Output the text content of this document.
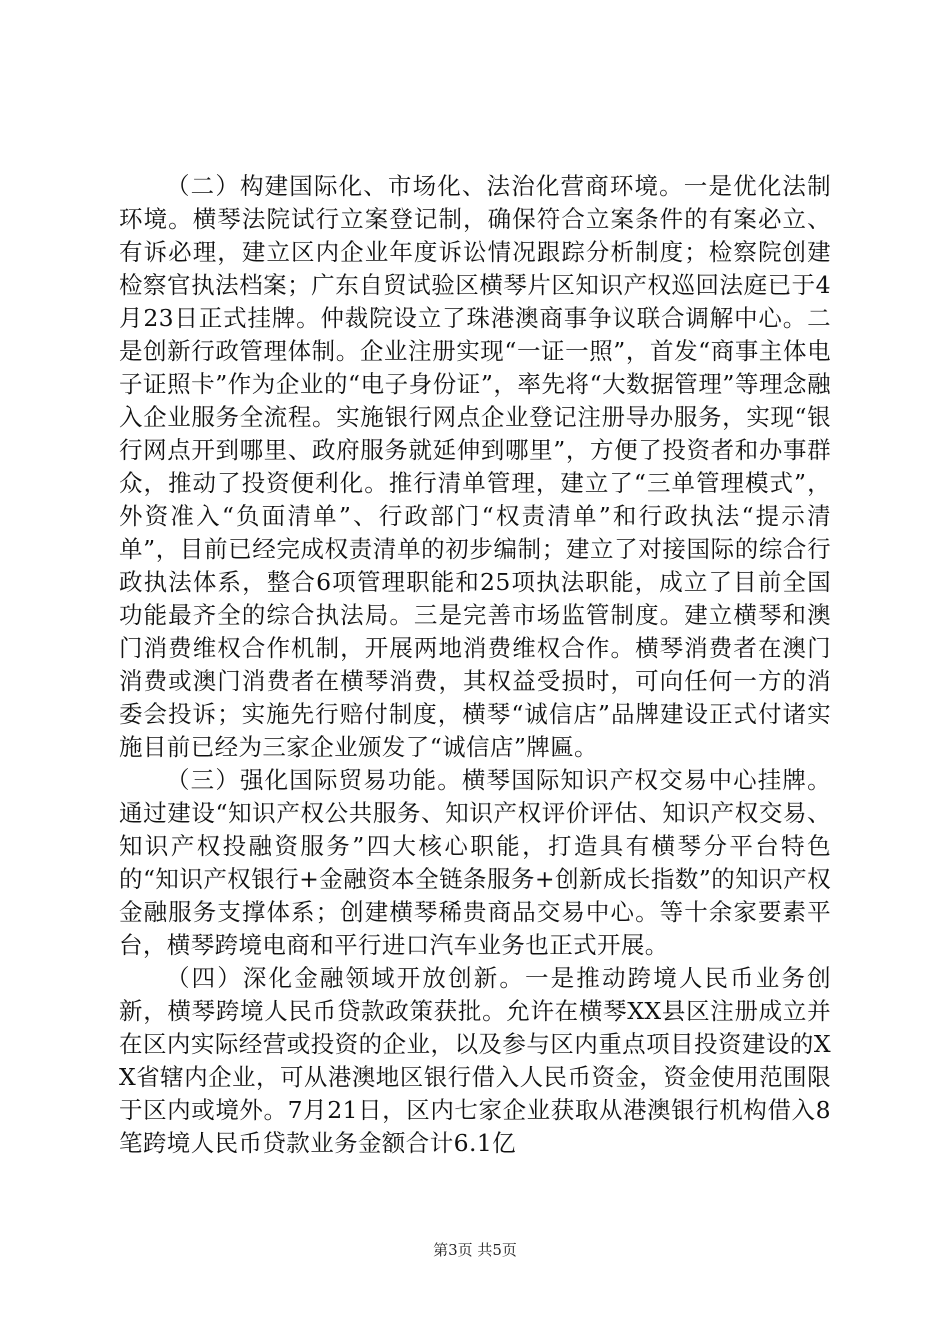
（二）构建国际化、市场化、法治化营商环境。一是优化法制环境。横琴法院试行立案登记制，确保符合立案条件的有案必立、有诉必理，建立区内企业年度诉讼情况跟踪分析制度；检察院创建检察官执法档案；广东自贸试验区横琴片区知识产权巡回法庭已于4月23日正式挂牌。仲裁院设立了珠港澳商事争议联合调解中心。二是创新行政管理体制。企业注册实现“一证一照”，首发“商事主体电子证照卡”作为企业的“电子身份证”，率先将“大数据管理”等理念融入企业服务全流程。实施银行网点企业登记注册导办服务，实现“银行网点开到哪里、政府服务就延伸到哪里”，方便了投资者和办事群众，推动了投资便利化。推行清单管理，建立了“三单管理模式”，外资准入“负面清单”、行政部门“权责清单”和行政执法“提示清单”，目前已经完成权责清单的初步编制；建立了对接国际的综合行政执法体系，整合6项管理职能和25项执法职能，成立了目前全国功能最齐全的综合执法局。三是完善市场监管制度。建立横琴和澳门消费维权合作机制，开展两地消费维权合作。横琴消费者在澳门消费或澳门消费者在横琴消费，其权益受损时，可向任何一方的消委会投诉；实施先行赔付制度，横琴“诚信店”品牌建设正式付诸实施目前已经为三家企业颁发了“诚信店”牌匾。

（三）强化国际贸易功能。横琴国际知识产权交易中心挂牌。通过建设“知识产权公共服务、知识产权评价评估、知识产权交易、知识产权投融资服务”四大核心职能，打造具有横琴分平台特色的“知识产权银行+金融资本全链条服务+创新成长指数”的知识产权金融服务支撑体系；创建横琴稀贵商品交易中心。等十余家要素平台，横琴跨境电商和平行进口汽车业务也正式开展。

（四）深化金融领域开放创新。一是推动跨境人民币业务创新，横琴跨境人民币贷款政策获批。允许在横琴XX县区注册成立并在区内实际经营或投资的企业，以及参与区内重点项目投资建设的XX省辖内企业，可从港澳地区银行借入人民币资金，资金使用范围限于区内或境外。7月21日，区内七家企业获取从港澳银行机构借入8笔跨境人民币贷款业务金额合计6.1亿

第3页 共5页
